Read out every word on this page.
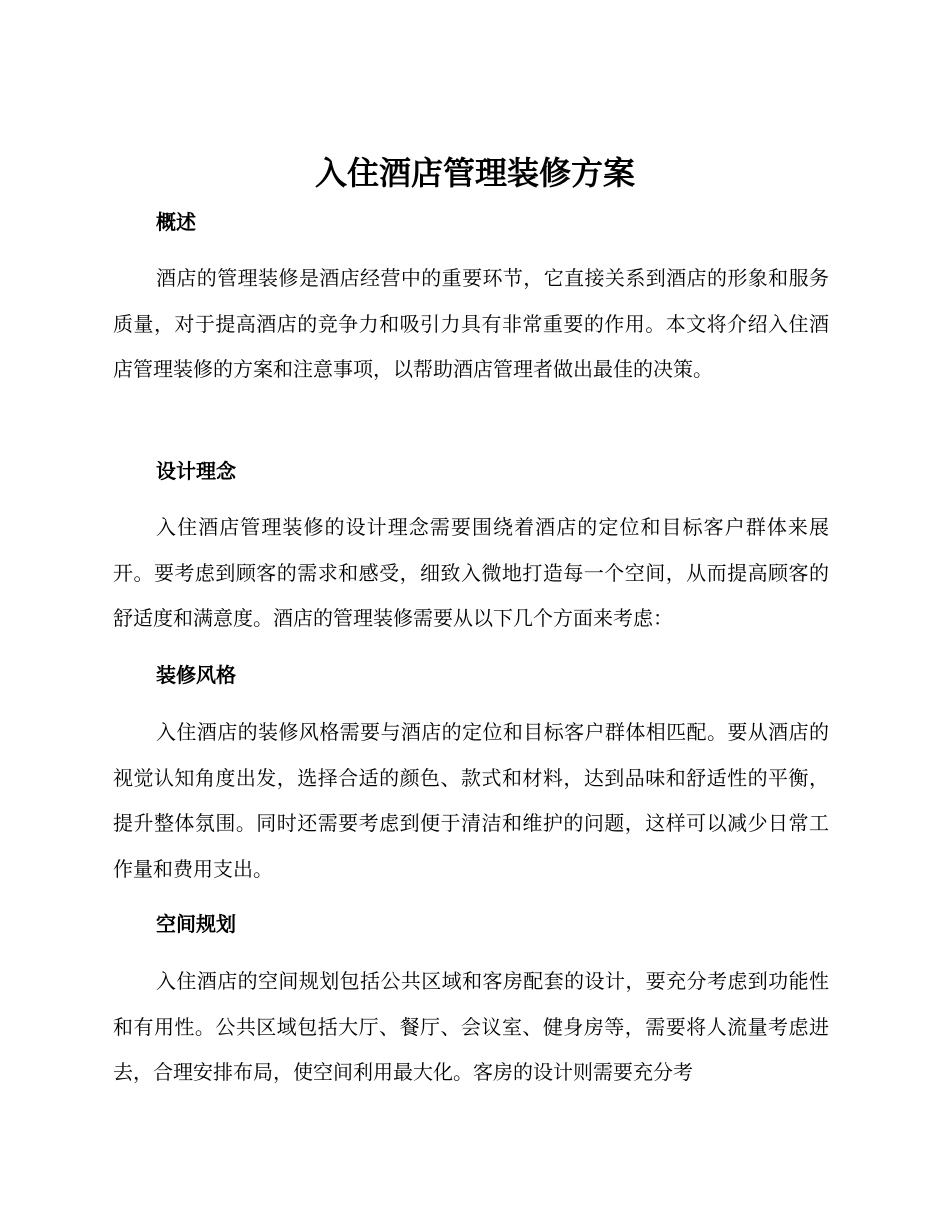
入住酒店管理装修方案
概述

酒店的管理装修是酒店经营中的重要环节，它直接关系到酒店的形象和服务质量，对于提高酒店的竞争力和吸引力具有非常重要的作用。本文将介绍入住酒店管理装修的方案和注意事项，以帮助酒店管理者做出最佳的决策。

设计理念

入住酒店管理装修的设计理念需要围绕着酒店的定位和目标客户群体来展开。要考虑到顾客的需求和感受，细致入微地打造每一个空间，从而提高顾客的舒适度和满意度。酒店的管理装修需要从以下几个方面来考虑：

装修风格

入住酒店的装修风格需要与酒店的定位和目标客户群体相匹配。要从酒店的视觉认知角度出发，选择合适的颜色、款式和材料，达到品味和舒适性的平衡，提升整体氛围。同时还需要考虑到便于清洁和维护的问题，这样可以减少日常工作量和费用支出。

空间规划

入住酒店的空间规划包括公共区域和客房配套的设计，要充分考虑到功能性和有用性。公共区域包括大厅、餐厅、会议室、健身房等，需要将人流量考虑进去，合理安排布局，使空间利用最大化。客房的设计则需要充分考
